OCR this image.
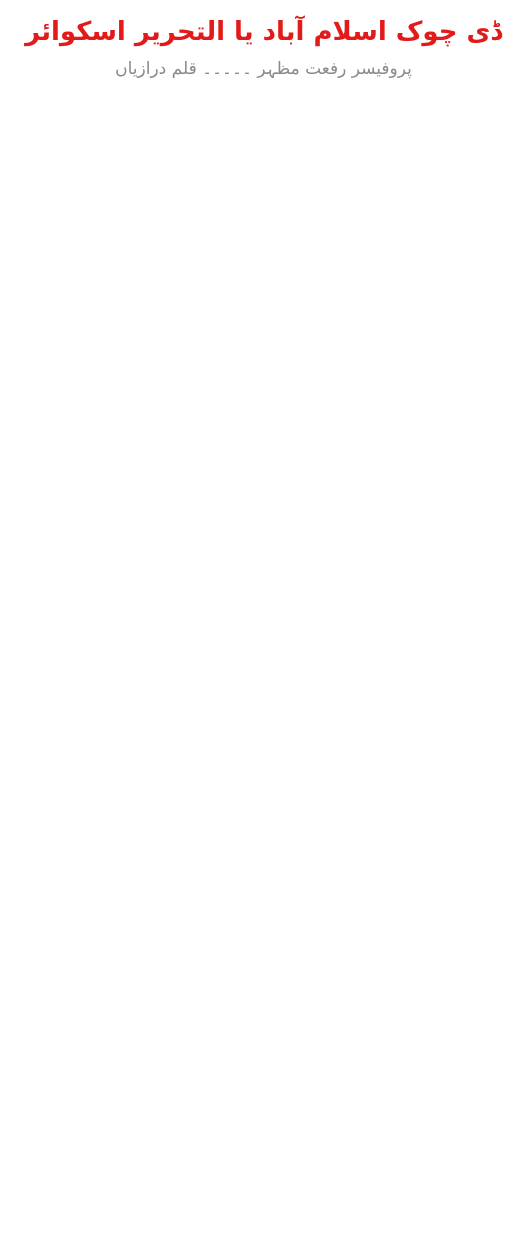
ڈی چوک اسلام آباد یا التحریر اسکوائر
پروفیسر رفعت مظہر ۔۔۔۔۔ قلم درازیاں
